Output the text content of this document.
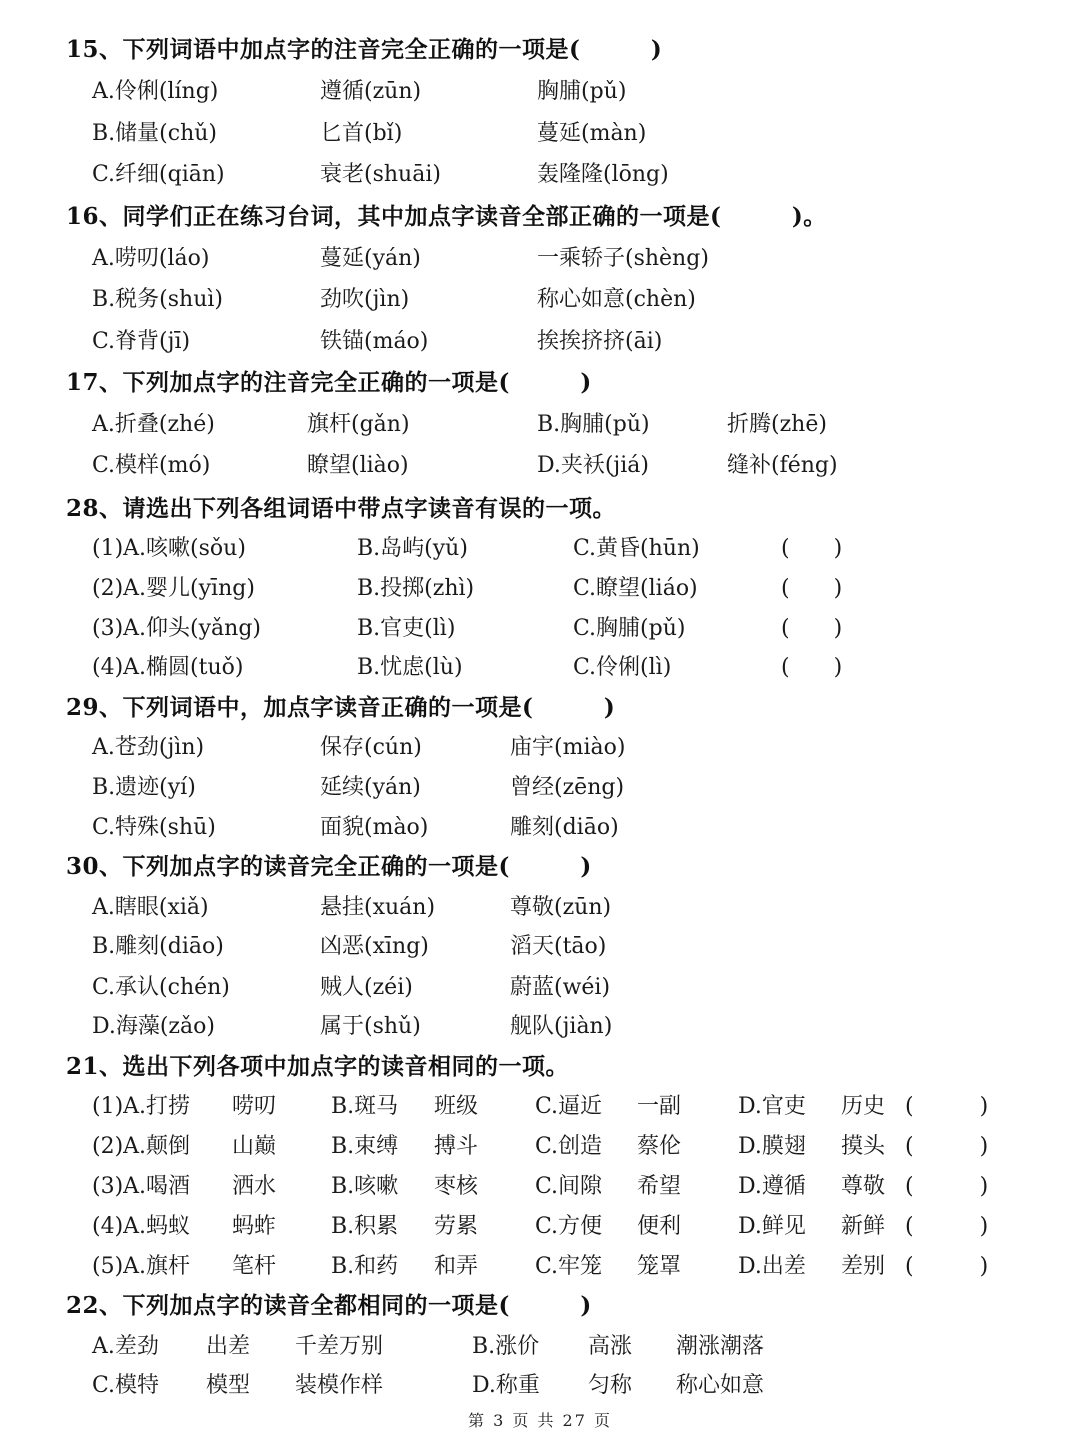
15、下列词语中加点字的注音完全正确的一项是(　　　)
A.伶俐(líng)	遵循(zūn)	胸脯(pǔ)
B.储量(chǔ)	匕首(bǐ)	蔓延(màn)
C.纤细(qiān)	衰老(shuāi)	轰隆隆(lōng)
16、同学们正在练习台词，其中加点字读音全部正确的一项是(　　　)。
A.唠叨(láo)	蔓延(yán)	一乘轿子(shèng)
B.税务(shuì)	劲吹(jìn)	称心如意(chèn)
C.脊背(jī)	铁锚(máo)	挨挨挤挤(āi)
17、下列加点字的注音完全正确的一项是(　　　)
A.折叠(zhé)	旗杆(gǎn)	B.胸脯(pǔ)	折腾(zhē)
C.模样(mó)	瞭望(liào)	D.夹袄(jiá)	缝补(féng)
28、请选出下列各组词语中带点字读音有误的一项。
(1)A.咳嗽(sǒu)	B.岛屿(yǔ)	C.黄昏(hūn)	(　　)
(2)A.婴儿(yīng)	B.投掷(zhì)	C.瞭望(liáo)	(　　)
(3)A.仰头(yǎng)	B.官吏(lì)	C.胸脯(pǔ)	(　　)
(4)A.椭圆(tuǒ)	B.忧虑(lù)	C.伶俐(lì)	(　　)
29、下列词语中，加点字读音正确的一项是(　　　)
A.苍劲(jìn)	保存(cún)	庙宇(miào)
B.遗迹(yí)	延续(yán)	曾经(zēng)
C.特殊(shū)	面貌(mào)	雕刻(diāo)
30、下列加点字的读音完全正确的一项是(　　　)
A.瞎眼(xiǎ)	悬挂(xuán)	尊敬(zūn)
B.雕刻(diāo)	凶恶(xīng)	滔天(tāo)
C.承认(chén)	贼人(zéi)	蔚蓝(wéi)
D.海藻(zǎo)	属于(shǔ)	舰队(jiàn)
21、选出下列各项中加点字的读音相同的一项。
(1)A.打捞 唠叨 B.斑马 班级	C.逼近 一副	D.官吏 历史 (　　　)
(2)A.颠倒 山巅 B.束缚 搏斗	C.创造 蔡伦	D.膜翅 摸头 (　　　)
(3)A.喝酒 洒水 B.咳嗽 枣核	C.间隙 希望	D.遵循 尊敬 (　　　)
(4)A.蚂蚁 蚂蚱 B.积累 劳累	C.方便 便利	D.鲜见 新鲜 (　　　)
(5)A.旗杆 笔杆 B.和药 和弄	C.牢笼 笼罩	D.出差 差别 (　　　)
22、下列加点字的读音全都相同的一项是(　　　)
A.差劲 出差 千差万别	B.涨价 高涨 潮涨潮落
C.模特 模型 装模作样	D.称重 匀称 称心如意
第 3 页 共 27 页
